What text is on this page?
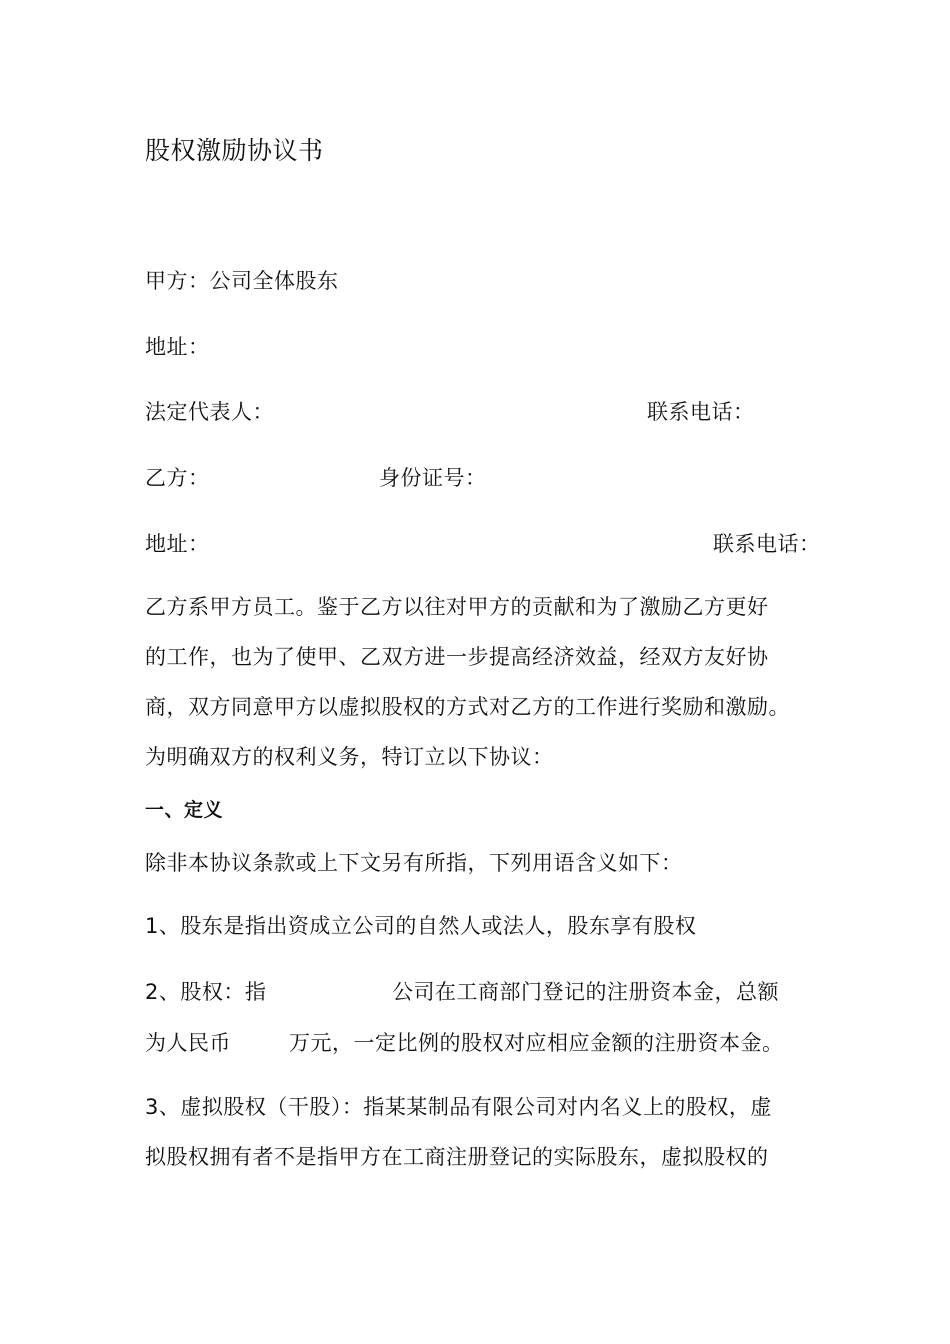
股权激励协议书
甲方：公司全体股东
地址：
法定代表人：	联系电话：
乙方：	身份证号：
地址：	联系电话：
乙方系甲方员工。鉴于乙方以往对甲方的贡献和为了激励乙方更好
的工作，也为了使甲、乙双方进一步提高经济效益，经双方友好协
商，双方同意甲方以虚拟股权的方式对乙方的工作进行奖励和激励。
为明确双方的权利义务，特订立以下协议：
一、定义
除非本协议条款或上下文另有所指，下列用语含义如下：
1、股东是指出资成立公司的自然人或法人，股东享有股权
2、股权：指	公司在工商部门登记的注册资本金，总额
为人民币	万元，一定比例的股权对应相应金额的注册资本金。
3、虚拟股权（干股）：指某某制品有限公司对内名义上的股权，虚
拟股权拥有者不是指甲方在工商注册登记的实际股东，虚拟股权的
